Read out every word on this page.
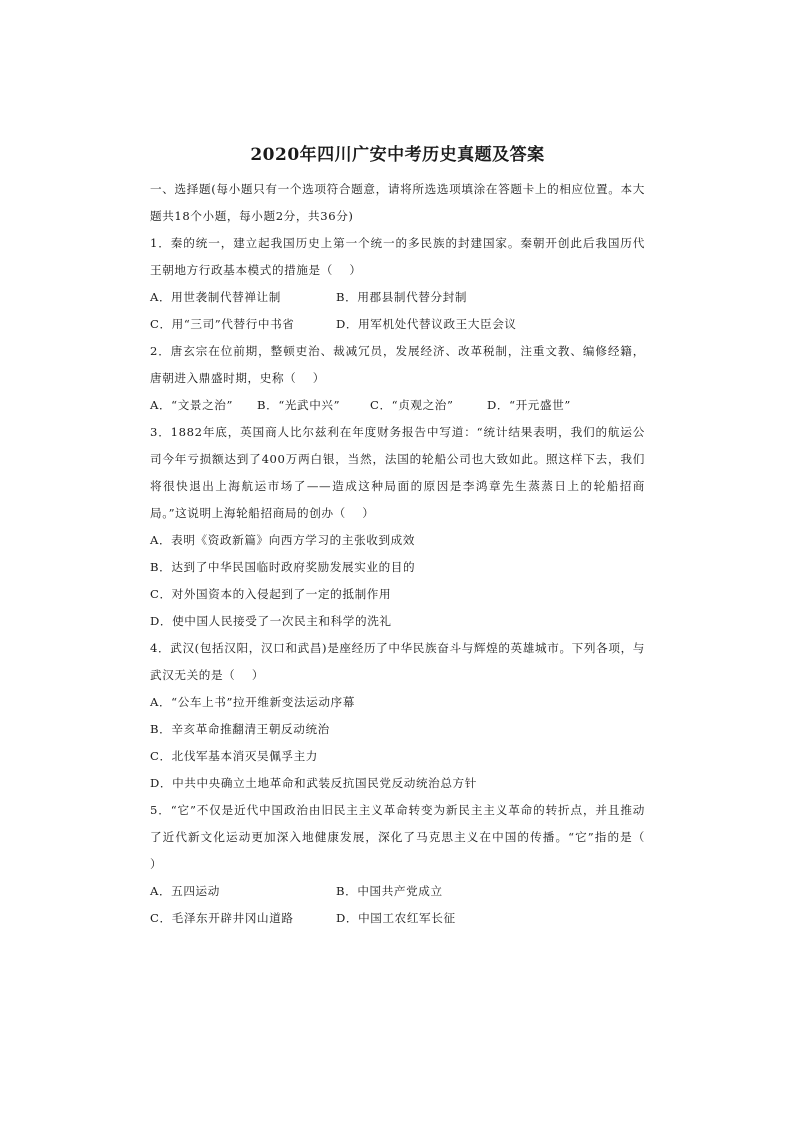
2020年四川广安中考历史真题及答案

一、选择题(每小题只有一个选项符合题意，请将所选选项填涂在答题卡上的相应位置。本大题共18个小题，每小题2分，共36分)

1．秦的统一，建立起我国历史上第一个统一的多民族的封建国家。秦朝开创此后我国历代王朝地方行政基本模式的措施是（　 ）

A．用世袭制代替禅让制	B．用郡县制代替分封制
C．用“三司”代替行中书省	D．用军机处代替议政王大臣会议

2．唐玄宗在位前期，整顿吏治、裁减冗员，发展经济、改革税制，注重文教、编修经籍，唐朝进入鼎盛时期，史称（　 ）

A．“文景之治”	B．“光武中兴”	C．“贞观之治”	D．“开元盛世”

3．1882年底，英国商人比尔兹利在年度财务报告中写道：“统计结果表明，我们的航运公司今年亏损额达到了400万两白银，当然，法国的轮船公司也大致如此。照这样下去，我们将很快退出上海航运市场了——造成这种局面的原因是李鸿章先生蒸蒸日上的轮船招商局。”这说明上海轮船招商局的创办（　 ）

A．表明《资政新篇》向西方学习的主张收到成效

B．达到了中华民国临时政府奖励发展实业的目的

C．对外国资本的入侵起到了一定的抵制作用

D．使中国人民接受了一次民主和科学的洗礼

4．武汉(包括汉阳，汉口和武昌)是座经历了中华民族奋斗与辉煌的英雄城市。下列各项，与武汉无关的是（　 ）

A．“公车上书”拉开维新变法运动序幕

B．辛亥革命推翻清王朝反动统治

C．北伐军基本消灭吴佩孚主力

D．中共中央确立土地革命和武装反抗国民党反动统治总方针

5．“它”不仅是近代中国政治由旧民主主义革命转变为新民主主义革命的转折点，并且推动了近代新文化运动更加深入地健康发展，深化了马克思主义在中国的传播。“它”指的是（　 ）

A．五四运动	B．中国共产党成立
C．毛泽东开辟井冈山道路	D．中国工农红军长征
